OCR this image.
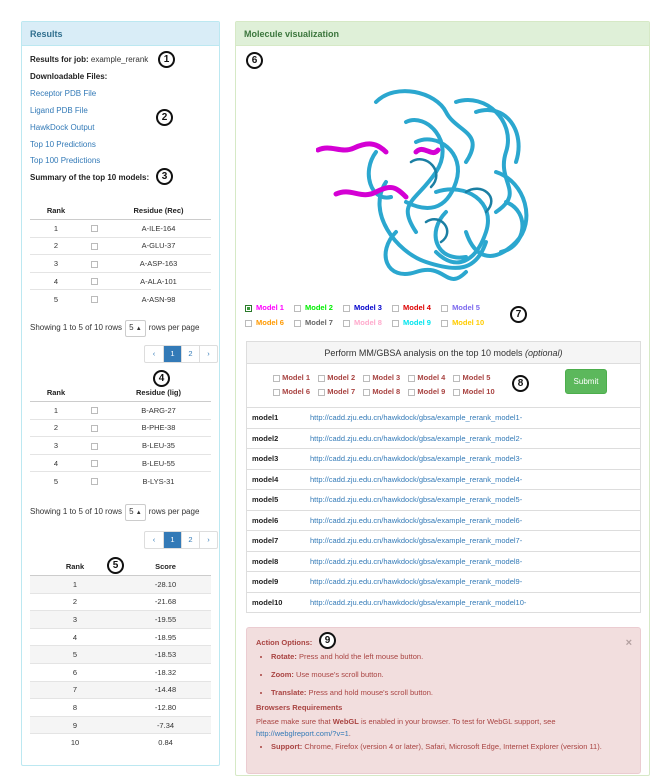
Results
Results for job: example_rerank
Downloadable Files:
Receptor PDB File
Ligand PDB File
HawkDock Output
Top 10 Predictions
Top 100 Predictions
Summary of the top 10 models:
Rank		Residue (Rec)
1		A-ILE-164
2		A-GLU-37
3		A-ASP-163
4		A-ALA-101
5		A-ASN-98
Showing 1 to 5 of 10 rows 5 ▲ rows per page
‹	1	2	›
Rank		Residue (lig)
1		B-ARG-27
2		B-PHE-38
3		B-LEU-35
4		B-LEU-55
5		B-LYS-31
Showing 1 to 5 of 10 rows 5 ▲ rows per page
‹	1	2	›
Rank	Score
1	-28.10
2	-21.68
3	-19.55
4	-18.95
5	-18.53
6	-18.32
7	-14.48
8	-12.80
9	-7.34
10	0.84
1
2
3
4
5
Molecule visualization
6
Model 1	Model 2	Model 3	Model 4	Model 5
Model 6	Model 7	Model 8	Model 9	Model 10
7
Perform MM/GBSA analysis on the top 10 models (optional)
Model 1 Model 2 Model 3 Model 4 Model 5
Model 6 Model 7 Model 8 Model 9 Model 10
Submit
8
model1	http://cadd.zju.edu.cn/hawkdock/gbsa/example_rerank_model1-
model2	http://cadd.zju.edu.cn/hawkdock/gbsa/example_rerank_model2-
model3	http://cadd.zju.edu.cn/hawkdock/gbsa/example_rerank_model3-
model4	http://cadd.zju.edu.cn/hawkdock/gbsa/example_rerank_model4-
model5	http://cadd.zju.edu.cn/hawkdock/gbsa/example_rerank_model5-
model6	http://cadd.zju.edu.cn/hawkdock/gbsa/example_rerank_model6-
model7	http://cadd.zju.edu.cn/hawkdock/gbsa/example_rerank_model7-
model8	http://cadd.zju.edu.cn/hawkdock/gbsa/example_rerank_model8-
model9	http://cadd.zju.edu.cn/hawkdock/gbsa/example_rerank_model9-
model10	http://cadd.zju.edu.cn/hawkdock/gbsa/example_rerank_model10-
×
Action Options:	9
• Rotate: Press and hold the left mouse button.
• Zoom: Use mouse's scroll button.
• Translate: Press and hold mouse's scroll button.
Browsers Requirements
Please make sure that WebGL is enabled in your browser. To test for WebGL support, see
http://webglreport.com/?v=1.
• Support: Chrome, Firefox (version 4 or later), Safari, Microsoft Edge, Internet Explorer (version 11).
